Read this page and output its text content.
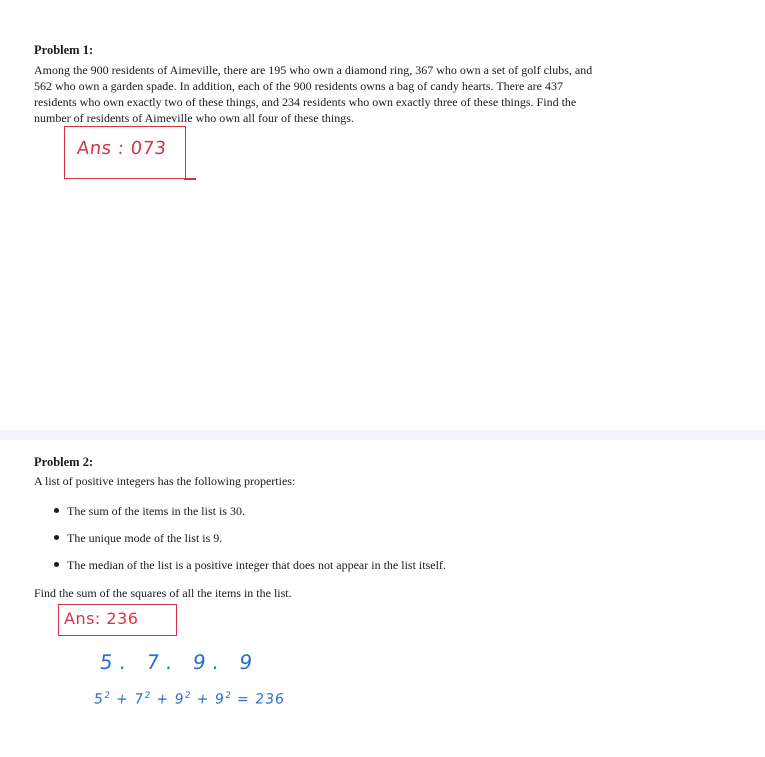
Problem 1:

Among the 900 residents of Aimeville, there are 195 who own a diamond ring, 367 who own a set of golf clubs, and 562 who own a garden spade. In addition, each of the 900 residents owns a bag of candy hearts. There are 437 residents who own exactly two of these things, and 234 residents who own exactly three of these things. Find the number of residents of Aimeville who own all four of these things.

Ans : 073
Problem 2:
A list of positive integers has the following properties:
The sum of the items in the list is 30.
The unique mode of the list is 9.
The median of the list is a positive integer that does not appear in the list itself.
Find the sum of the squares of all the items in the list.
Ans: 236
5. 7. 9. 9
$5^2 + 7^2 + 9^2 + 9^2 = 236$
